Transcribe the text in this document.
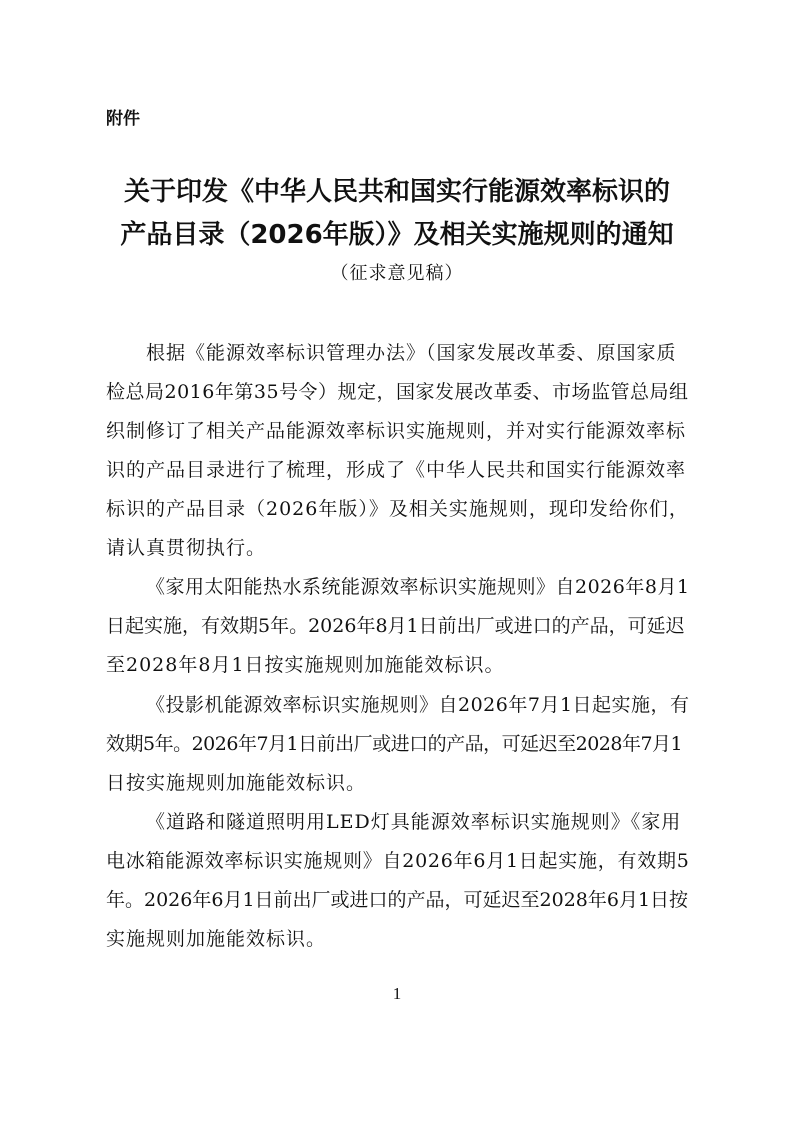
附件
关于印发《中华人民共和国实行能源效率标识的
产品目录（2026年版）》及相关实施规则的通知
（征求意见稿）
根据《能源效率标识管理办法》（国家发展改革委、原国家质
检总局2016年第35号令）规定，国家发展改革委、市场监管总局组
织制修订了相关产品能源效率标识实施规则，并对实行能源效率标
识的产品目录进行了梳理，形成了《中华人民共和国实行能源效率
标识的产品目录（2026年版）》及相关实施规则，现印发给你们，
请认真贯彻执行。
《家用太阳能热水系统能源效率标识实施规则》自2026年8月1
日起实施，有效期5年。2026年8月1日前出厂或进口的产品，可延迟
至2028年8月1日按实施规则加施能效标识。
《投影机能源效率标识实施规则》自2026年7月1日起实施，有
效期5年。2026年7月1日前出厂或进口的产品，可延迟至2028年7月1
日按实施规则加施能效标识。
《道路和隧道照明用LED灯具能源效率标识实施规则》《家用
电冰箱能源效率标识实施规则》自2026年6月1日起实施，有效期5
年。2026年6月1日前出厂或进口的产品，可延迟至2028年6月1日按
实施规则加施能效标识。
1
